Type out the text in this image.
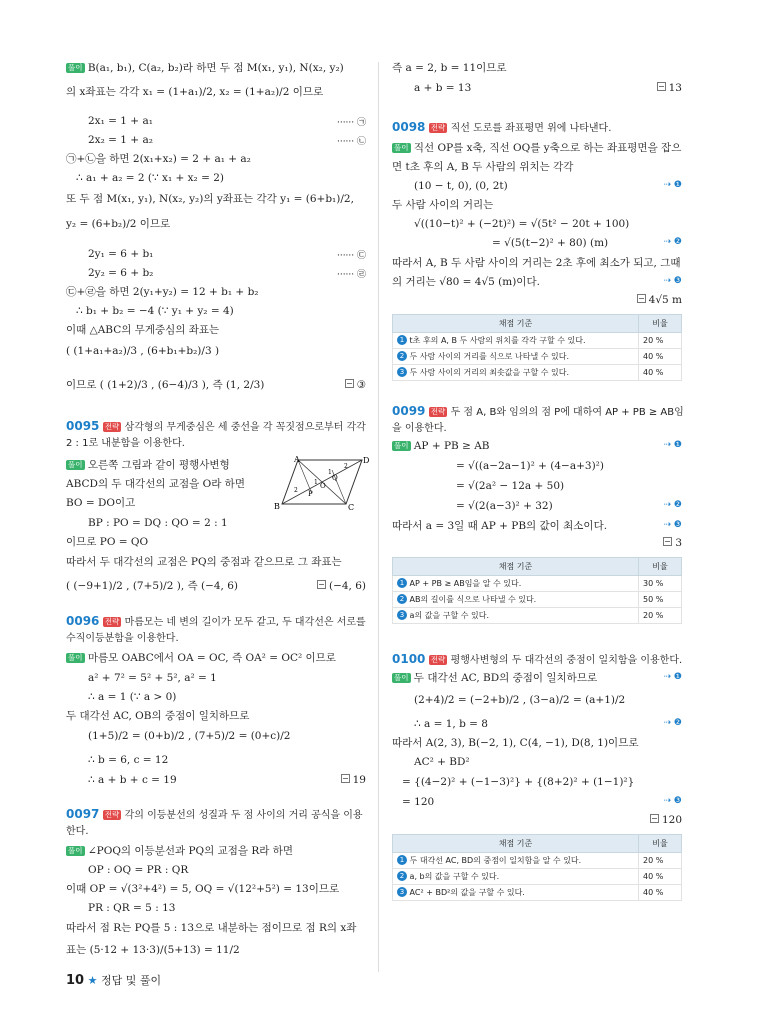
풀이 B(a₁, b₁), C(a₂, b₂)라 하면 두 점 M(x₁, y₁), N(x₂, y₂)
의 x좌표는 각각 x₁ = (1+a₁)/2, x₂ = (1+a₂)/2 이므로
2x₁ = 1 + a₁	······ ㉠
2x₂ = 1 + a₂	······ ㉡
㉠+㉡을 하면 2(x₁+x₂) = 2 + a₁ + a₂
∴ a₁ + a₂ = 2 (∵ x₁ + x₂ = 2)
또 두 점 M(x₁, y₁), N(x₂, y₂)의 y좌표는 각각 y₁ = (6+b₁)/2,
y₂ = (6+b₂)/2 이므로
2y₁ = 6 + b₁	······ ㉢
2y₂ = 6 + b₂	······ ㉣
㉢+㉣을 하면 2(y₁+y₂) = 12 + b₁ + b₂
∴ b₁ + b₂ = −4 (∵ y₁ + y₂ = 4)
이때 △ABC의 무게중심의 좌표는
( (1+a₁+a₂)/3 , (6+b₁+b₂)/3 )
이므로 ( (1+2)/3 , (6−4)/3 ), 즉 (1, 2/3)	③
0095 전략 삼각형의 무게중심은 세 중선을 각 꼭짓점으로부터 각각
2 : 1로 내분함을 이용한다.
풀이 오른쪽 그림과 같이 평행사변형
ABCD의 두 대각선의 교점을 O라 하면
BO = DO이고
BP : PO = DQ : QO = 2 : 1
이므로 PO = QO
따라서 두 대각선의 교점은 PQ의 중점과 같으므로 그 좌표는
( (−9+1)/2 , (7+5)/2 ), 즉 (−4, 6)	(−4, 6)
A
B	C
D
P
O
Q
2
1
1
2
0096 전략 마름모는 네 변의 길이가 모두 같고, 두 대각선은 서로를
수직이등분함을 이용한다.
풀이 마름모 OABC에서 OA = OC, 즉 OA² = OC² 이므로
a² + 7² = 5² + 5², a² = 1
∴ a = 1 (∵ a > 0)
두 대각선 AC, OB의 중점이 일치하므로
(1+5)/2 = (0+b)/2 , (7+5)/2 = (0+c)/2
∴ b = 6, c = 12
∴ a + b + c = 19	19
0097 전략 각의 이등분선의 성질과 두 점 사이의 거리 공식을 이용
한다.
풀이 ∠POQ의 이등분선과 PQ의 교점을 R라 하면
OP : OQ = PR : QR
이때 OP = √(3²+4²) = 5, OQ = √(12²+5²) = 13이므로
PR : QR = 5 : 13
따라서 점 R는 PQ를 5 : 13으로 내분하는 점이므로 점 R의 x좌
표는 (5·12 + 13·3)/(5+13) = 11/2
즉 a = 2, b = 11이므로
a + b = 13	13
0098 전략 직선 도로를 좌표평면 위에 나타낸다.
풀이 직선 OP를 x축, 직선 OQ를 y축으로 하는 좌표평면을 잡으
면 t초 후의 A, B 두 사람의 위치는 각각
(10 − t, 0), (0, 2t)	⇢ ❶
두 사람 사이의 거리는
√((10−t)² + (−2t)²) = √(5t² − 20t + 100)
= √(5(t−2)² + 80) (m)	⇢ ❷
따라서 A, B 두 사람 사이의 거리는 2초 후에 최소가 되고, 그때
의 거리는 √80 = 4√5 (m)이다.	⇢ ❸
4√5 m
채점 기준	비율
1 t초 후의 A, B 두 사람의 위치를 각각 구할 수 있다.	20 %
2 두 사람 사이의 거리를 식으로 나타낼 수 있다.	40 %
3 두 사람 사이의 거리의 최솟값을 구할 수 있다.	40 %
0099 전략 두 점 A, B와 임의의 점 P에 대하여 AP + PB ≥ AB임
을 이용한다.
풀이 AP + PB ≥ AB	⇢ ❶
= √((a−2a−1)² + (4−a+3)²)
= √(2a² − 12a + 50)
= √(2(a−3)² + 32)	⇢ ❷
따라서 a = 3일 때 AP + PB의 값이 최소이다.	⇢ ❸
3
채점 기준	비율
1 AP + PB ≥ AB임을 알 수 있다.	30 %
2 AB의 길이를 식으로 나타낼 수 있다.	50 %
3 a의 값을 구할 수 있다.	20 %
0100 전략 평행사변형의 두 대각선의 중점이 일치함을 이용한다.
풀이 두 대각선 AC, BD의 중점이 일치하므로	⇢ ❶
(2+4)/2 = (−2+b)/2 , (3−a)/2 = (a+1)/2
∴ a = 1, b = 8	⇢ ❷
따라서 A(2, 3), B(−2, 1), C(4, −1), D(8, 1)이므로
AC² + BD²
= {(4−2)² + (−1−3)²} + {(8+2)² + (1−1)²}
= 120	⇢ ❸
120
채점 기준	비율
1 두 대각선 AC, BD의 중점이 일치함을 알 수 있다.	20 %
2 a, b의 값을 구할 수 있다.	40 %
3 AC² + BD²의 값을 구할 수 있다.	40 %
10 ★ 정답 및 풀이
